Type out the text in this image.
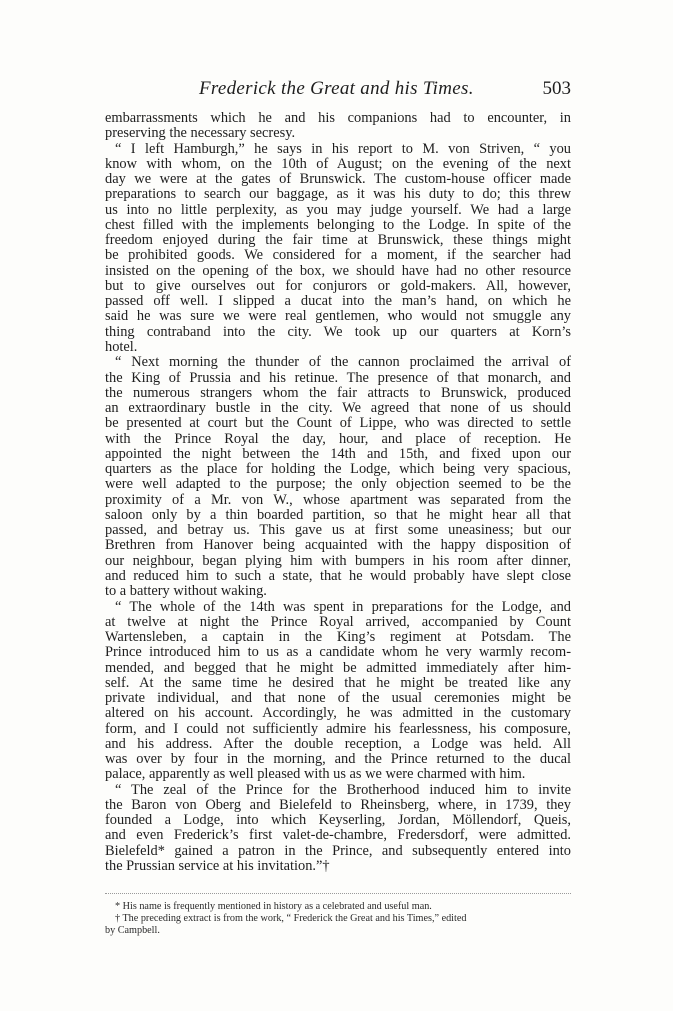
Frederick the Great and his Times.	503
embarrassments which he and his companions had to encounter, in
preserving the necessary secresy.
“ I left Hamburgh,” he says in his report to M. von Striven, “ you
know with whom, on the 10th of August; on the evening of the next
day we were at the gates of Brunswick. The custom-house officer made
preparations to search our baggage, as it was his duty to do; this threw
us into no little perplexity, as you may judge yourself. We had a large
chest filled with the implements belonging to the Lodge. In spite of the
freedom enjoyed during the fair time at Brunswick, these things might
be prohibited goods. We considered for a moment, if the searcher had
insisted on the opening of the box, we should have had no other resource
but to give ourselves out for conjurors or gold-makers. All, however,
passed off well. I slipped a ducat into the man’s hand, on which he
said he was sure we were real gentlemen, who would not smuggle any
thing contraband into the city. We took up our quarters at Korn’s
hotel.
“ Next morning the thunder of the cannon proclaimed the arrival of
the King of Prussia and his retinue. The presence of that monarch, and
the numerous strangers whom the fair attracts to Brunswick, produced
an extraordinary bustle in the city. We agreed that none of us should
be presented at court but the Count of Lippe, who was directed to settle
with the Prince Royal the day, hour, and place of reception. He
appointed the night between the 14th and 15th, and fixed upon our
quarters as the place for holding the Lodge, which being very spacious,
were well adapted to the purpose; the only objection seemed to be the
proximity of a Mr. von W., whose apartment was separated from the
saloon only by a thin boarded partition, so that he might hear all that
passed, and betray us. This gave us at first some uneasiness; but our
Brethren from Hanover being acquainted with the happy disposition of
our neighbour, began plying him with bumpers in his room after dinner,
and reduced him to such a state, that he would probably have slept close
to a battery without waking.
“ The whole of the 14th was spent in preparations for the Lodge, and
at twelve at night the Prince Royal arrived, accompanied by Count
Wartensleben, a captain in the King’s regiment at Potsdam. The
Prince introduced him to us as a candidate whom he very warmly recom-
mended, and begged that he might be admitted immediately after him-
self. At the same time he desired that he might be treated like any
private individual, and that none of the usual ceremonies might be
altered on his account. Accordingly, he was admitted in the customary
form, and I could not sufficiently admire his fearlessness, his composure,
and his address. After the double reception, a Lodge was held. All
was over by four in the morning, and the Prince returned to the ducal
palace, apparently as well pleased with us as we were charmed with him.
“ The zeal of the Prince for the Brotherhood induced him to invite
the Baron von Oberg and Bielefeld to Rheinsberg, where, in 1739, they
founded a Lodge, into which Keyserling, Jordan, Möllendorf, Queis,
and even Frederick’s first valet-de-chambre, Fredersdorf, were admitted.
Bielefeld* gained a patron in the Prince, and subsequently entered into
the Prussian service at his invitation.”†
* His name is frequently mentioned in history as a celebrated and useful man.
† The preceding extract is from the work, “ Frederick the Great and his Times,” edited
by Campbell.
